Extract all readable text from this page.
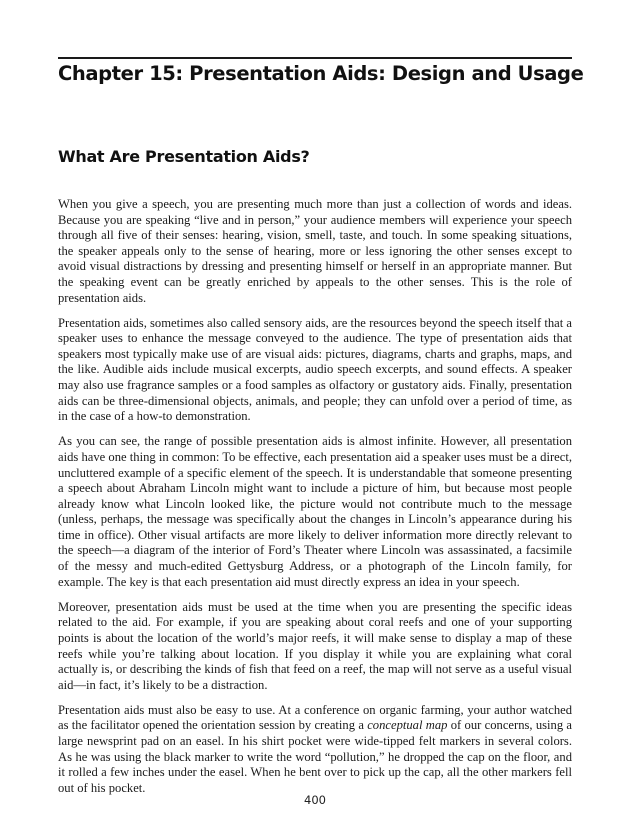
Chapter 15: Presentation Aids: Design and Usage
What Are Presentation Aids?

When you give a speech, you are presenting much more than just a collection of words and ideas. Because you are speaking “live and in person,” your audience members will experience your speech through all five of their senses: hearing, vision, smell, taste, and touch. In some speaking situations, the speaker appeals only to the sense of hearing, more or less ignoring the other senses except to avoid visual distractions by dressing and presenting himself or herself in an appropriate manner. But the speaking event can be greatly enriched by appeals to the other senses. This is the role of presentation aids.

Presentation aids, sometimes also called sensory aids, are the resources beyond the speech itself that a speaker uses to enhance the message conveyed to the audience. The type of presentation aids that speakers most typically make use of are visual aids: pictures, diagrams, charts and graphs, maps, and the like. Audible aids include musical excerpts, audio speech excerpts, and sound effects. A speaker may also use fragrance samples or a food samples as olfactory or gustatory aids. Finally, presentation aids can be three-dimensional objects, animals, and people; they can unfold over a period of time, as in the case of a how-to demonstration.

As you can see, the range of possible presentation aids is almost infinite. However, all presentation aids have one thing in common: To be effective, each presentation aid a speaker uses must be a direct, uncluttered example of a specific element of the speech. It is understandable that someone presenting a speech about Abraham Lincoln might want to include a picture of him, but because most people already know what Lincoln looked like, the picture would not contribute much to the message (unless, perhaps, the message was specifically about the changes in Lincoln’s appearance during his time in office). Other visual artifacts are more likely to deliver information more directly relevant to the speech—a diagram of the interior of Ford’s Theater where Lincoln was assassinated, a facsimile of the messy and much-edited Gettysburg Address, or a photograph of the Lincoln family, for example. The key is that each presentation aid must directly express an idea in your speech.

Moreover, presentation aids must be used at the time when you are presenting the specific ideas related to the aid. For example, if you are speaking about coral reefs and one of your supporting points is about the location of the world’s major reefs, it will make sense to display a map of these reefs while you’re talking about location. If you display it while you are explaining what coral actually is, or describing the kinds of fish that feed on a reef, the map will not serve as a useful visual aid—in fact, it’s likely to be a distraction.

Presentation aids must also be easy to use. At a conference on organic farming, your author watched as the facilitator opened the orientation session by creating a conceptual map of our concerns, using a large newsprint pad on an easel. In his shirt pocket were wide-tipped felt markers in several colors. As he was using the black marker to write the word “pollution,” he dropped the cap on the floor, and it rolled a few inches under the easel. When he bent over to pick up the cap, all the other markers fell out of his pocket.

400
